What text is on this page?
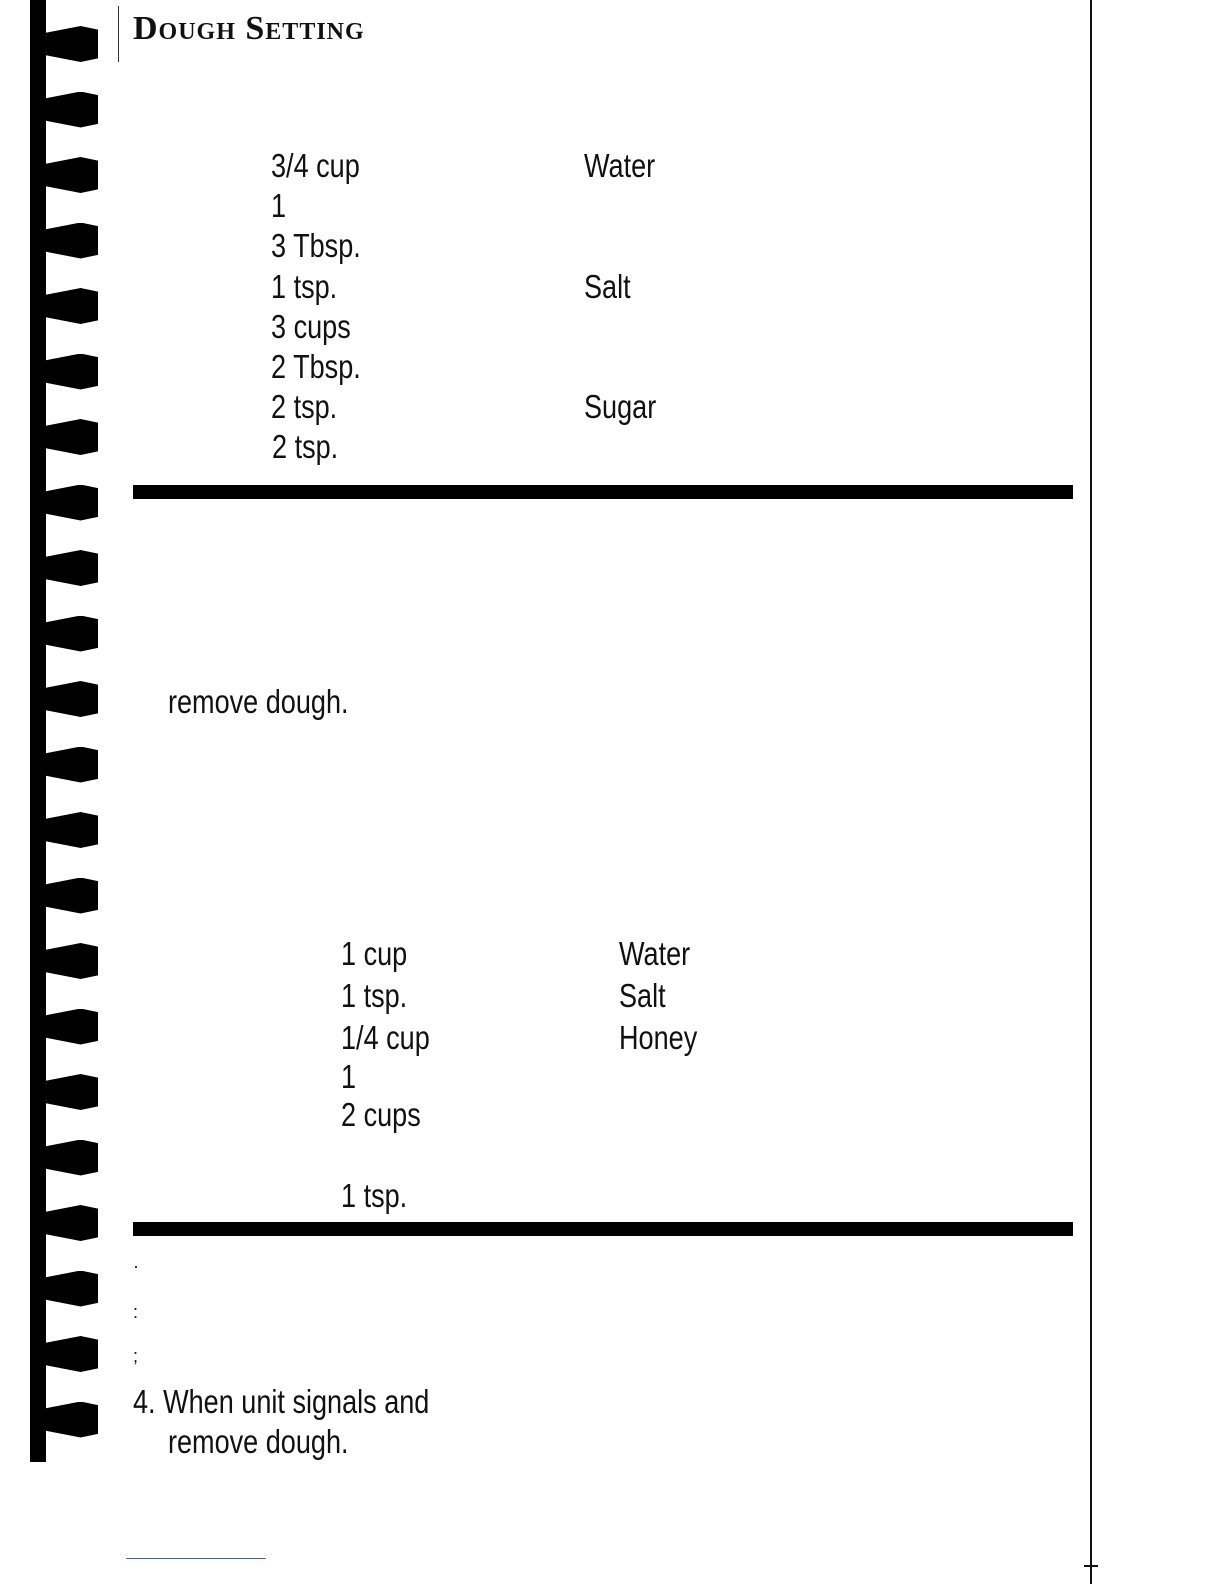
Dough Setting
3/4 cup	Water
1
3 Tbsp.
1 tsp.	Salt
3 cups
2 Tbsp.
2 tsp.	Sugar
2 tsp.
remove dough.
1 cup	Water
1 tsp.	Salt
1/4 cup	Honey
1
2 cups
1 tsp.
·
:
;
4. When unit signals and
remove dough.
